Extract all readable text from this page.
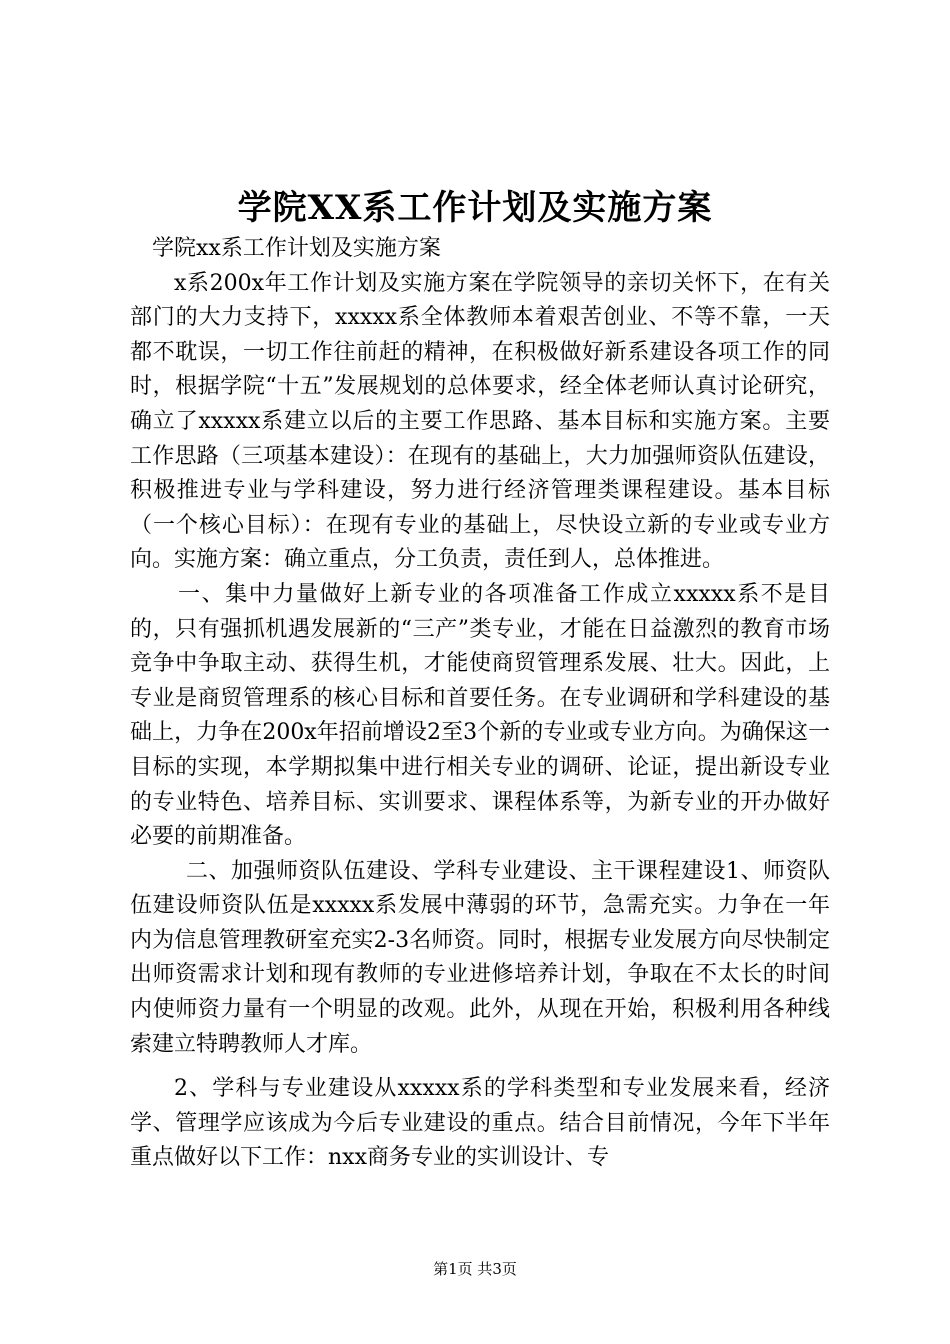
学院XX系工作计划及实施方案

学院xx系工作计划及实施方案

x系200x年工作计划及实施方案在学院领导的亲切关怀下，在有关部门的大力支持下，xxxxx系全体教师本着艰苦创业、不等不靠，一天都不耽误，一切工作往前赶的精神，在积极做好新系建设各项工作的同时，根据学院“十五”发展规划的总体要求，经全体老师认真讨论研究，确立了xxxxx系建立以后的主要工作思路、基本目标和实施方案。主要工作思路（三项基本建设）：在现有的基础上，大力加强师资队伍建设，积极推进专业与学科建设，努力进行经济管理类课程建设。基本目标（一个核心目标）：在现有专业的基础上，尽快设立新的专业或专业方向。实施方案：确立重点，分工负责，责任到人，总体推进。

一、集中力量做好上新专业的各项准备工作成立xxxxx系不是目的，只有强抓机遇发展新的“三产”类专业，才能在日益激烈的教育市场竞争中争取主动、获得生机，才能使商贸管理系发展、壮大。因此，上专业是商贸管理系的核心目标和首要任务。在专业调研和学科建设的基础上，力争在200x年招前增设2至3个新的专业或专业方向。为确保这一目标的实现，本学期拟集中进行相关专业的调研、论证，提出新设专业的专业特色、培养目标、实训要求、课程体系等，为新专业的开办做好必要的前期准备。

二、加强师资队伍建设、学科专业建设、主干课程建设1、师资队伍建设师资队伍是xxxxx系发展中薄弱的环节，急需充实。力争在一年内为信息管理教研室充实2-3名师资。同时，根据专业发展方向尽快制定出师资需求计划和现有教师的专业进修培养计划，争取在不太长的时间内使师资力量有一个明显的改观。此外，从现在开始，积极利用各种线索建立特聘教师人才库。

2、学科与专业建设从xxxxx系的学科类型和专业发展来看，经济学、管理学应该成为今后专业建设的重点。结合目前情况，今年下半年重点做好以下工作：nxx商务专业的实训设计、专

第1页 共3页
